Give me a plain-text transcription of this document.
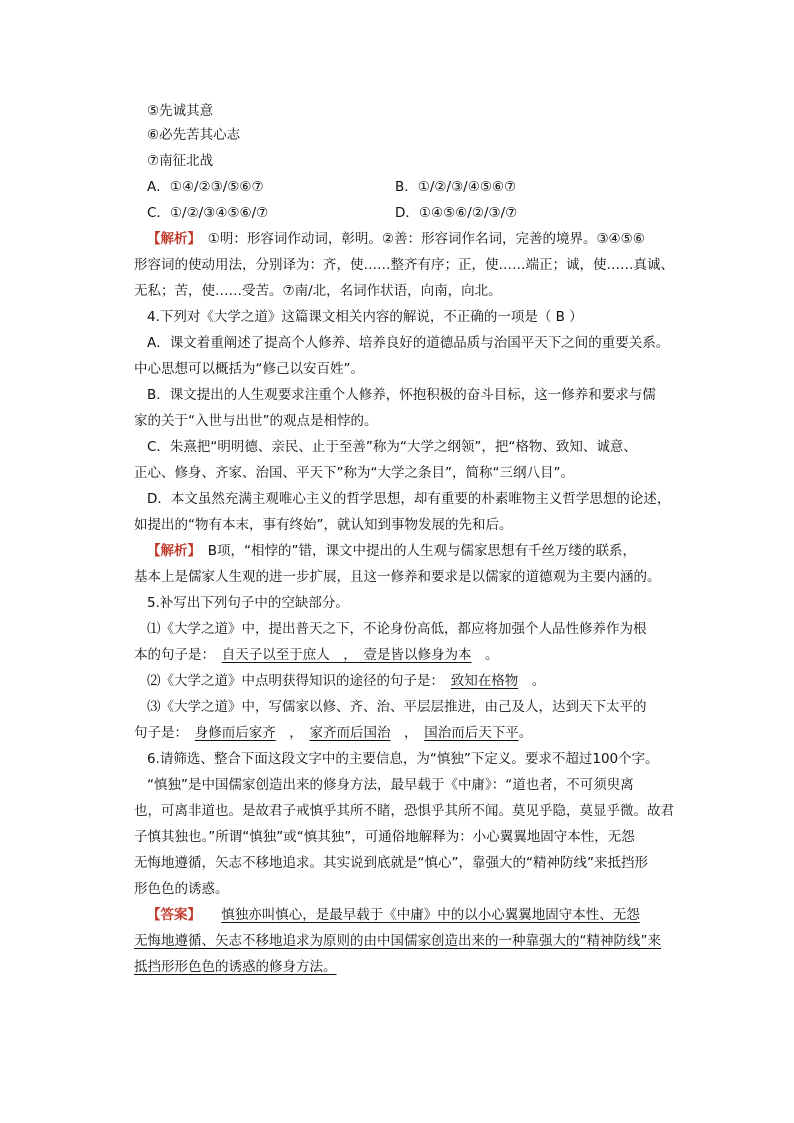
⑤先诚其意
⑥必先苦其心志
⑦南征北战
A．①④/②③/⑤⑥⑦	B．①/②/③/④⑤⑥⑦
C．①/②/③④⑤⑥/⑦	D．①④⑤⑥/②/③/⑦
【解析】　 ①明：形容词作动词，彰明。②善：形容词作名词，完善的境界。③④⑤⑥
形容词的使动用法，分别译为：齐，使……整齐有序；正，使……端正；诚，使……真诚、
无私；苦，使……受苦。⑦南/北，名词作状语，向南，向北。
4.下列对《大学之道》这篇课文相关内容的解说，不正确的一项是（ B ）
A．课文着重阐述了提高个人修养、培养良好的道德品质与治国平天下之间的重要关系。
中心思想可以概括为“修己以安百姓”。
B．课文提出的人生观要求注重个人修养，怀抱积极的奋斗目标，这一修养和要求与儒
家的关于“入世与出世”的观点是相悖的。
C．朱熹把“明明德、亲民、止于至善”称为“大学之纲领”，把“格物、致知、诚意、
正心、修身、齐家、治国、平天下”称为“大学之条目”，简称“三纲八目”。
D．本文虽然充满主观唯心主义的哲学思想，却有重要的朴素唯物主义哲学思想的论述，
如提出的“物有本末，事有终始”，就认知到事物发展的先和后。
【解析】　 B项，“相悖的”错，课文中提出的人生观与儒家思想有千丝万缕的联系，
基本上是儒家人生观的进一步扩展，且这一修养和要求是以儒家的道德观为主要内涵的。
5.补写出下列句子中的空缺部分。
⑴《大学之道》中，提出普天之下，不论身份高低，都应将加强个人品性修养作为根
本的句子是：　 自天子以至于庶人　，　壹是皆以修身为本　 。
⑵《大学之道》中点明获得知识的途径的句子是：　 致知在格物　 。
⑶《大学之道》中，写儒家以修、齐、治、平层层推进，由己及人，达到天下太平的
句子是：　 身修而后家齐　 ，　 家齐而后国治　 ，　 国治而后天下平。
6.请筛选、整合下面这段文字中的主要信息，为“慎独”下定义。要求不超过100个字。
“慎独”是中国儒家创造出来的修身方法，最早载于《中庸》：“道也者，不可须臾离
也，可离非道也。是故君子戒慎乎其所不睹，恐惧乎其所不闻。莫见乎隐，莫显乎微。故君
子慎其独也。”所谓“慎独”或“慎其独”，可通俗地解释为：小心翼翼地固守本性，无怨
无悔地遵循，矢志不移地追求。其实说到底就是“慎心”，靠强大的“精神防线”来抵挡形
形色色的诱惑。
【答案】　　 慎独亦叫慎心，是最早载于《中庸》中的以小心翼翼地固守本性、无怨
无悔地遵循、矢志不移地追求为原则的由中国儒家创造出来的一种靠强大的“精神防线”来
抵挡形形色色的诱惑的修身方法。
